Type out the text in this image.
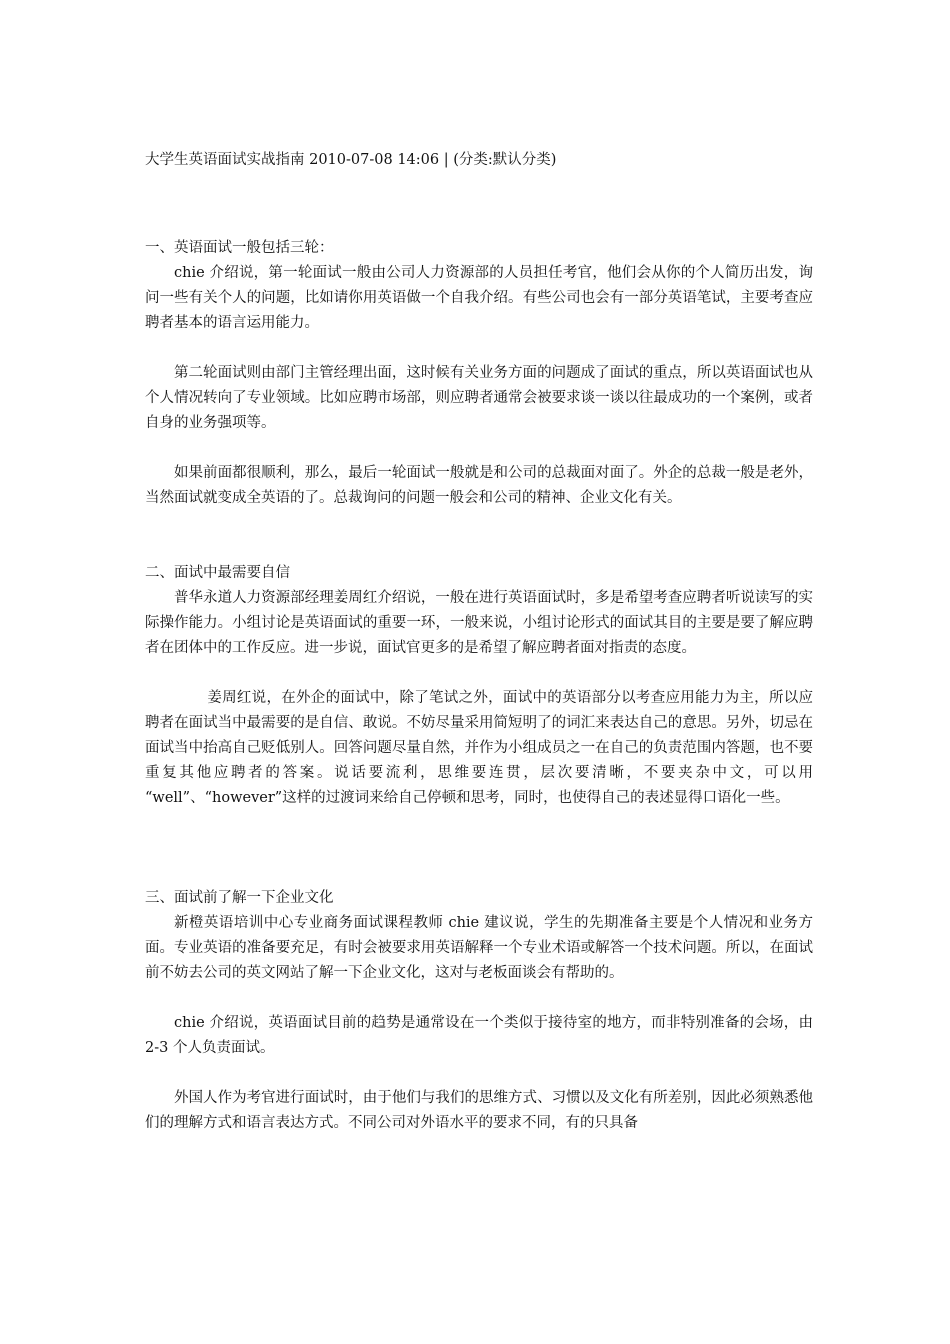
大学生英语面试实战指南 2010-07-08 14:06 | (分类:默认分类)

一、英语面试一般包括三轮：

chie 介绍说，第一轮面试一般由公司人力资源部的人员担任考官，他们会从你的个人简历出发，询问一些有关个人的问题，比如请你用英语做一个自我介绍。有些公司也会有一部分英语笔试，主要考查应聘者基本的语言运用能力。

第二轮面试则由部门主管经理出面，这时候有关业务方面的问题成了面试的重点，所以英语面试也从个人情况转向了专业领域。比如应聘市场部，则应聘者通常会被要求谈一谈以往最成功的一个案例，或者自身的业务强项等。

如果前面都很顺利，那么，最后一轮面试一般就是和公司的总裁面对面了。外企的总裁一般是老外，当然面试就变成全英语的了。总裁询问的问题一般会和公司的精神、企业文化有关。

二、面试中最需要自信

普华永道人力资源部经理姜周红介绍说，一般在进行英语面试时，多是希望考查应聘者听说读写的实际操作能力。小组讨论是英语面试的重要一环，一般来说，小组讨论形式的面试其目的主要是要了解应聘者在团体中的工作反应。进一步说，面试官更多的是希望了解应聘者面对指责的态度。

姜周红说，在外企的面试中，除了笔试之外，面试中的英语部分以考查应用能力为主，所以应聘者在面试当中最需要的是自信、敢说。不妨尽量采用简短明了的词汇来表达自己的意思。另外，切忌在面试当中抬高自己贬低别人。回答问题尽量自然，并作为小组成员之一在自己的负责范围内答题，也不要重复其他应聘者的答案。说话要流利，思维要连贯，层次要清晰，不要夹杂中文，可以用 “well”、“however”这样的过渡词来给自己停顿和思考，同时，也使得自己的表述显得口语化一些。

三、面试前了解一下企业文化

新橙英语培训中心专业商务面试课程教师 chie 建议说，学生的先期准备主要是个人情况和业务方面。专业英语的准备要充足，有时会被要求用英语解释一个专业术语或解答一个技术问题。所以，在面试前不妨去公司的英文网站了解一下企业文化，这对与老板面谈会有帮助的。

chie 介绍说，英语面试目前的趋势是通常设在一个类似于接待室的地方，而非特别准备的会场，由 2-3 个人负责面试。

外国人作为考官进行面试时，由于他们与我们的思维方式、习惯以及文化有所差别，因此必须熟悉他们的理解方式和语言表达方式。不同公司对外语水平的要求不同，有的只具备
